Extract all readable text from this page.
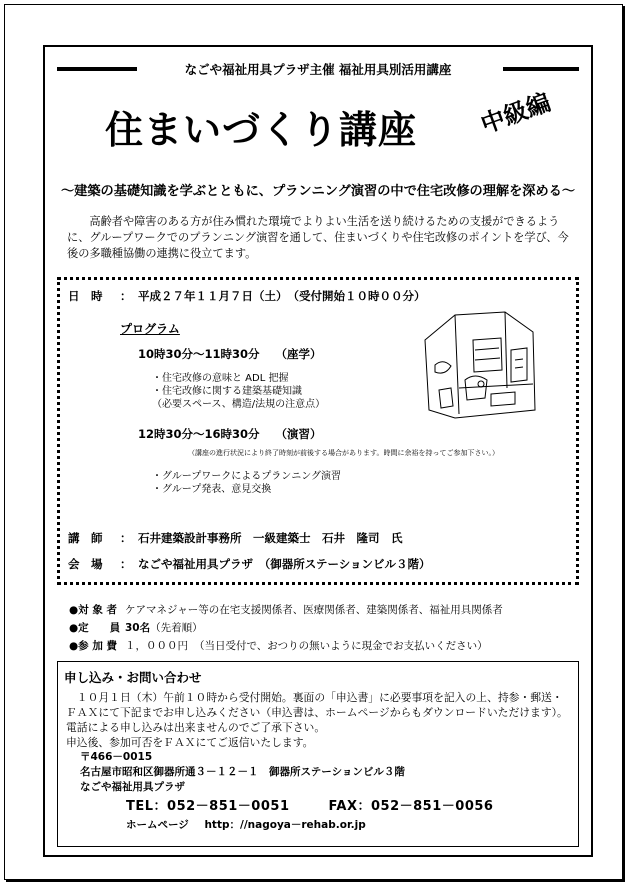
なごや福祉用具プラザ主催 福祉用具別活用講座
住まいづくり講座 中級編
～建築の基礎知識を学ぶとともに、プランニング演習の中で住宅改修の理解を深める～

高齢者や障害のある方が住み慣れた環境でよりよい生活を送り続けるための支援ができるように、グループワークでのプランニング演習を通して、住まいづくりや住宅改修のポイントを学び、今後の多職種協働の連携に役立てます。

日　時 ： 平成２７年１１月７日（土）　（受付開始１０時００分）
プログラム
10時30分～11時30分 （座学）
・住宅改修の意味と ADL 把握
・住宅改修に関する建築基礎知識
（必要スペース、構造/法規の注意点）
12時30分～16時30分 （演習）
（講座の進行状況により終了時刻が前後する場合があります。時間に余裕を持ってご参加下さい。）
・グループワークによるプランニング演習
・グループ発表、意見交換
講　師 ： 石井建築設計事務所　一級建築士　石井　隆司　氏
会　場 ： なごや福祉用具プラザ　（御器所ステーションビル３階）
●対 象 者 ケアマネジャー等の在宅支援関係者、医療関係者、建築関係者、福祉用具関係者
●定　　員 30名（先着順）
●参 加 費 １，０００円 （当日受付で、おつりの無いように現金でお支払いください）
申し込み・お問い合わせ

１０月１日（木）午前１０時から受付開始。裏面の「申込書」に必要事項を記入の上、持参・郵送・ＦＡＸにて下記までお申し込みください（申込書は、ホームページからもダウンロードいただけます）。電話による申し込みは出来ませんのでご了承下さい。

申込後、参加可否をＦＡＸにてご返信いたします。

〒466－0015
名古屋市昭和区御器所通３－１２－１　御器所ステーションビル３階
なごや福祉用具プラザ
TEL：052－851－0051	FAX：052－851－0056
ホームページ http：//nagoya－rehab.or.jp
